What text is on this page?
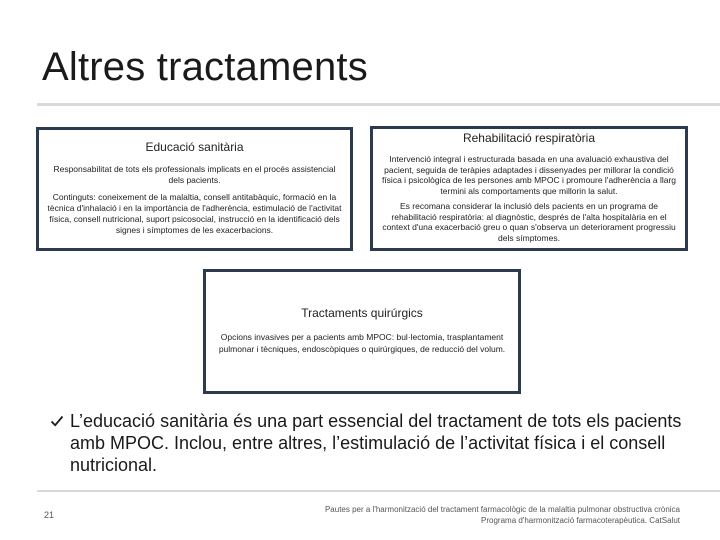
Altres tractaments
Educació sanitària

Responsabilitat de tots els professionals implicats en el procés assistencial dels pacients.

Continguts: coneixement de la malaltia, consell antitabàquic, formació en la tècnica d'inhalació i en la importància de l'adherència, estimulació de l'activitat física, consell nutricional, suport psicosocial, instrucció en la identificació dels signes i símptomes de les exacerbacions.

Rehabilitació respiratòria

Intervenció integral i estructurada basada en una avaluació exhaustiva del pacient, seguida de teràpies adaptades i dissenyades per millorar la condició física i psicològica de les persones amb MPOC i promoure l'adherència a llarg termini als comportaments que millorin la salut.

Es recomana considerar la inclusió dels pacients en un programa de rehabilitació respiratòria: al diagnòstic, després de l'alta hospitalària en el context d'una exacerbació greu o quan s'observa un deteriorament progressiu dels símptomes.

Tractaments quirúrgics
Opcions invasives per a pacients amb MPOC: bul·lectomia, trasplantament pulmonar i tècniques, endoscòpiques o quirúrgiques, de reducció del volum.
L’educació sanitària és una part essencial del tractament de tots els pacients amb MPOC. Inclou, entre altres, l’estimulació de l’activitat física i el consell nutricional.
21
Pautes per a l'harmonització del tractament farmacològic de la malaltia pulmonar obstructiva crònica
Programa d'harmonització farmacoterapèutica. CatSalut
